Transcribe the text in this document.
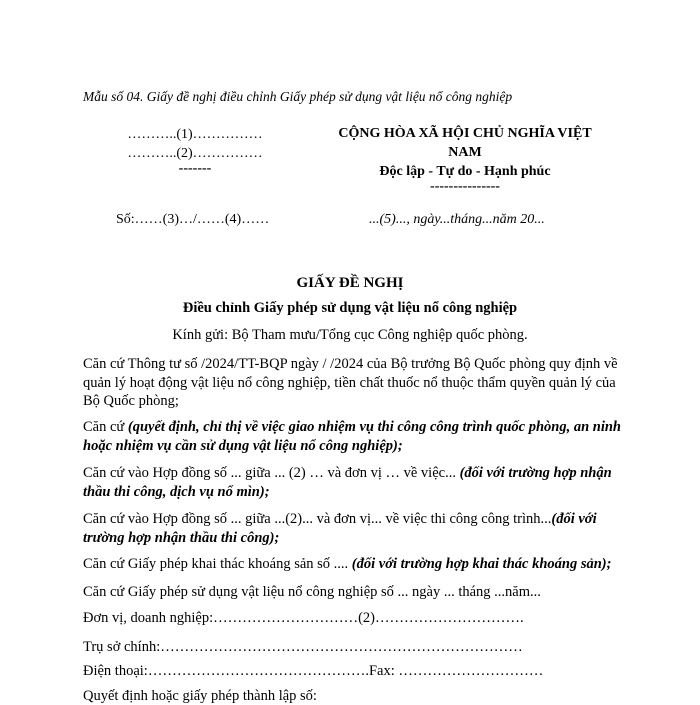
Mẫu số 04. Giấy đề nghị điều chỉnh Giấy phép sử dụng vật liệu nổ công nghiệp
………..(1)……………
………..(2)……………
-------
CỘNG HÒA XÃ HỘI CHỦ NGHĨA VIỆT NAM
Độc lập - Tự do - Hạnh phúc
---------------
Số:……(3)…/……(4)……	...(5)..., ngày...tháng...năm 20...
GIẤY ĐỀ NGHỊ
Điều chỉnh Giấy phép sử dụng vật liệu nổ công nghiệp
Kính gửi: Bộ Tham mưu/Tổng cục Công nghiệp quốc phòng.
Căn cứ Thông tư số /2024/TT-BQP ngày / /2024 của Bộ trưởng Bộ Quốc phòng quy định về quản lý hoạt động vật liệu nổ công nghiệp, tiền chất thuốc nổ thuộc thẩm quyền quản lý của Bộ Quốc phòng;
Căn cứ (quyết định, chỉ thị về việc giao nhiệm vụ thi công công trình quốc phòng, an ninh hoặc nhiệm vụ cần sử dụng vật liệu nổ công nghiệp);
Căn cứ vào Hợp đồng số ... giữa ... (2) … và đơn vị … về việc... (đối với trường hợp nhận thầu thi công, dịch vụ nổ mìn);
Căn cứ vào Hợp đồng số ... giữa ...(2)... và đơn vị... về việc thi công công trình...(đối với trường hợp nhận thầu thi công);
Căn cứ Giấy phép khai thác khoáng sản số .... (đối với trường hợp khai thác khoáng sản);
Căn cứ Giấy phép sử dụng vật liệu nổ công nghiệp số ... ngày ... tháng ...năm...
Đơn vị, doanh nghiệp:…………………………(2)………………………….
Trụ sở chính:…………………………………………………………………
Điện thoại:……………………………………….Fax: …………………………
Quyết định hoặc giấy phép thành lập số:
